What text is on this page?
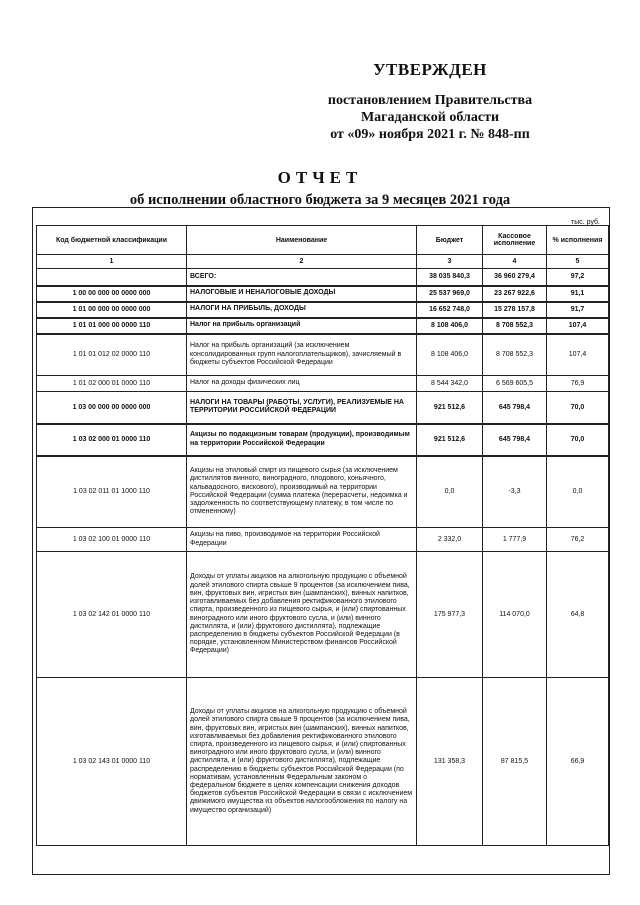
УТВЕРЖДЕН
постановлением Правительства
Магаданской области
от «09» ноября 2021 г. № 848-пп
ОТЧЕТ
об исполнении областного бюджета за 9 месяцев 2021 года
тыс. руб.
Код бюджетной классификации	Наименование	Бюджет	Кассовое исполнение	% исполнения
1	2	3	4	5
	ВСЕГО:	38 035 840,3	36 960 279,4	97,2
1 00 00 000 00 0000 000	НАЛОГОВЫЕ И НЕНАЛОГОВЫЕ ДОХОДЫ	25 537 969,0	23 267 922,6	91,1
1 01 00 000 00 0000 000	НАЛОГИ НА ПРИБЫЛЬ, ДОХОДЫ	16 652 748,0	15 278 157,8	91,7
1 01 01 000 00 0000 110	Налог на прибыль организаций	8 108 406,0	8 708 552,3	107,4
1 01 01 012 02 0000 110	Налог на прибыль организаций (за исключением консолидированных групп налогоплательщиков), зачисляемый в бюджеты субъектов Российской Федерации	8 108 406,0	8 708 552,3	107,4
1 01 02 000 01 0000 110	Налог на доходы физических лиц	8 544 342,0	6 569 605,5	76,9
1 03 00 000 00 0000 000	НАЛОГИ НА ТОВАРЫ (РАБОТЫ, УСЛУГИ), РЕАЛИЗУЕМЫЕ НА ТЕРРИТОРИИ РОССИЙСКОЙ ФЕДЕРАЦИИ	921 512,6	645 798,4	70,0
1 03 02 000 01 0000 110	Акцизы по подакцизным товарам (продукции), производимым на территории Российской Федерации	921 512,6	645 798,4	70,0
1 03 02 011 01 1000 110	Акцизы на этиловый спирт из пищевого сырья (за исключением дистиллятов винного, виноградного, плодового, коньячного, кальвадосного, вискового), производимый на территории Российской Федерации (сумма платежа (перерасчеты, недоимка и задолженность по соответствующему платежу, в том числе по отмененному)	0,0	-3,3	0,0
1 03 02 100 01 0000 110	Акцизы на пиво, производимое на территории Российской Федерации	2 332,0	1 777,9	76,2
1 03 02 142 01 0000 110	Доходы от уплаты акцизов на алкогольную продукцию с объемной долей этилового спирта свыше 9 процентов (за исключением пива, вин, фруктовых вин, игристых вин (шампанских), винных напитков, изготавливаемых без добавления ректификованного этилового спирта, произведенного из пищевого сырья, и (или) спиртованных виноградного или иного фруктового сусла, и (или) винного дистиллята, и (или) фруктового дистиллята), подлежащие распределению в бюджеты субъектов Российской Федерации (в порядке, установленном Министерством финансов Российской Федерации)	175 977,3	114 070,0	64,8
1 03 02 143 01 0000 110	Доходы от уплаты акцизов на алкогольную продукцию с объемной долей этилового спирта свыше 9 процентов (за исключением пива, вин, фруктовых вин, игристых вин (шампанских), винных напитков, изготавливаемых без добавления ректификованного этилового спирта, произведенного из пищевого сырья, и (или) спиртованных виноградного или иного фруктового сусла, и (или) винного дистиллята, и (или) фруктового дистиллята), подлежащие распределению в бюджеты субъектов Российской Федерации (по нормативам, установленным Федеральным законом о федеральном бюджете в целях компенсации снижения доходов бюджетов субъектов Российской Федерации в связи с исключением движимого имущества из объектов налогообложения по налогу на имущество организаций)	131 358,3	87 815,5	66,9
